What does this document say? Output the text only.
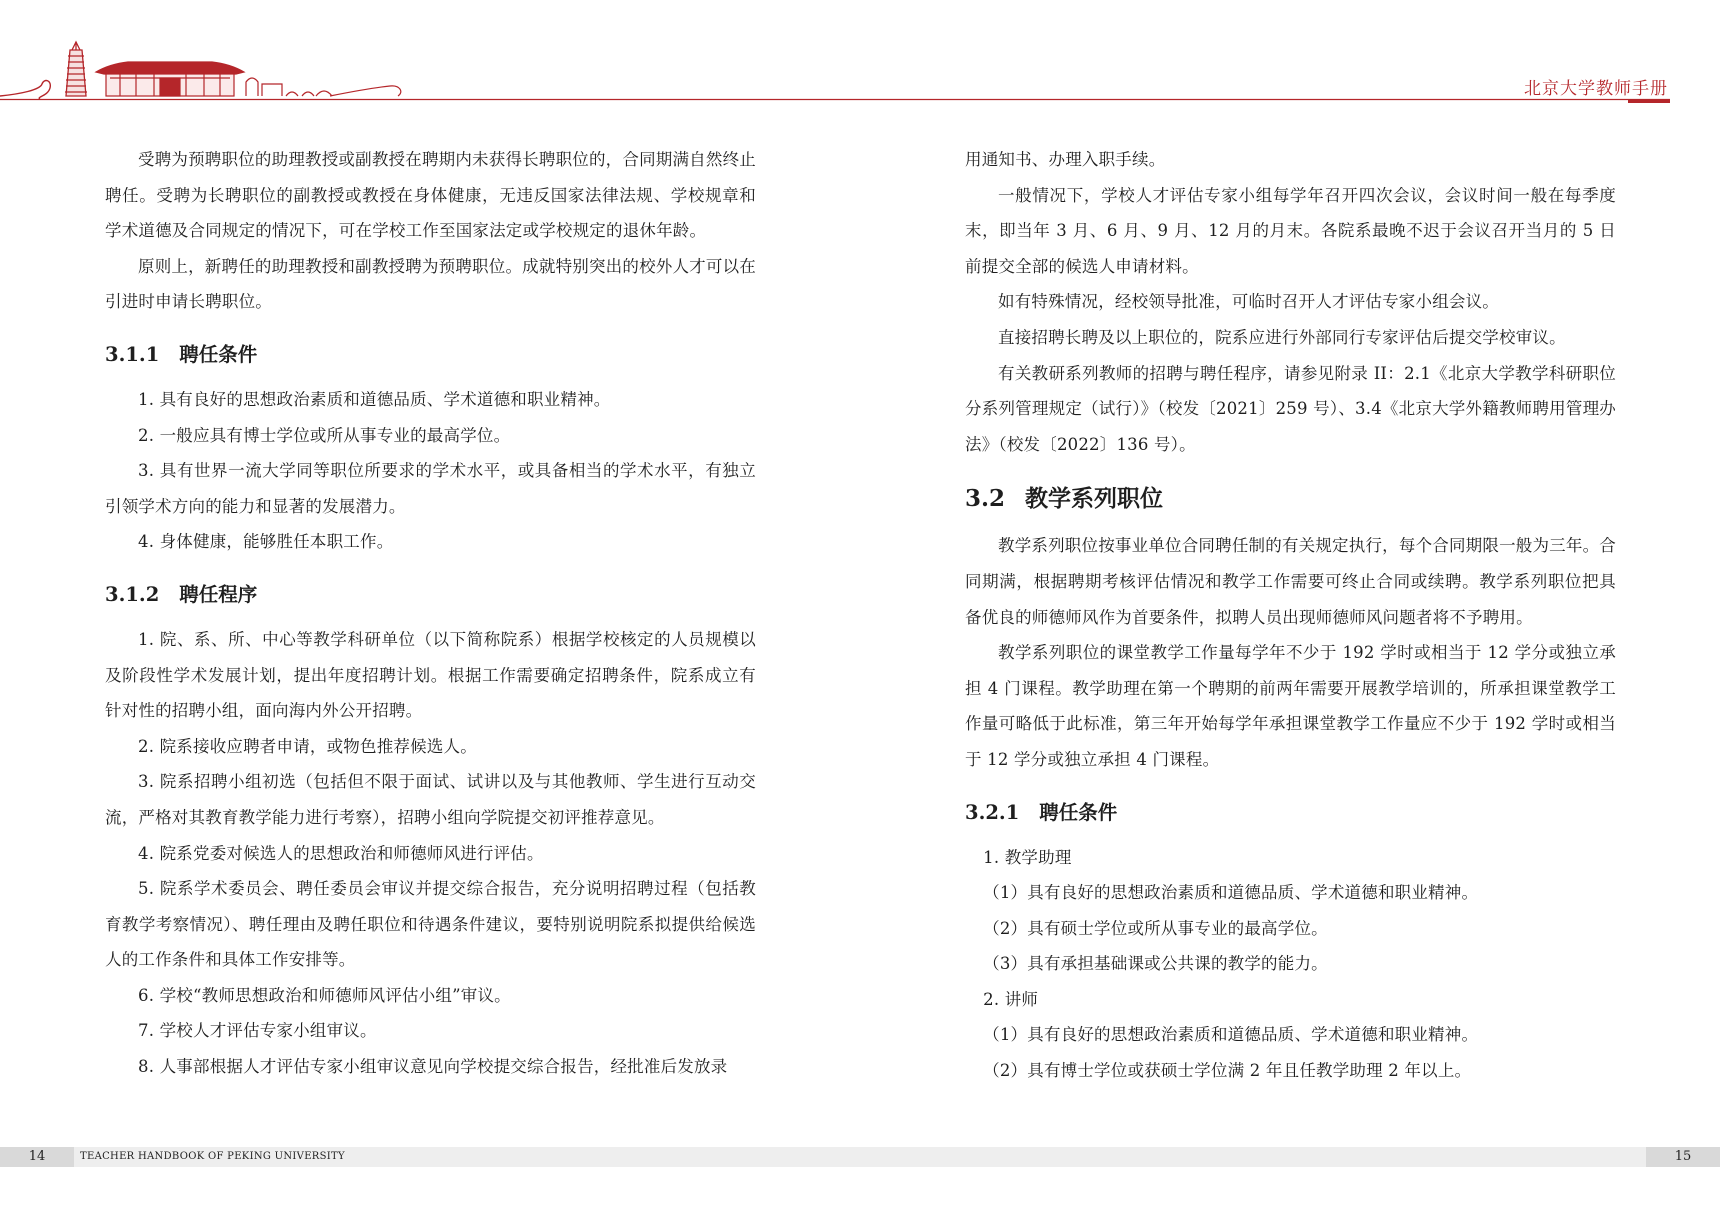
北京大学教师手册

受聘为预聘职位的助理教授或副教授在聘期内未获得长聘职位的，合同期满自然终止聘任。受聘为长聘职位的副教授或教授在身体健康，无违反国家法律法规、学校规章和学术道德及合同规定的情况下，可在学校工作至国家法定或学校规定的退休年龄。

原则上，新聘任的助理教授和副教授聘为预聘职位。成就特别突出的校外人才可以在引进时申请长聘职位。

3.1.1 聘任条件

1. 具有良好的思想政治素质和道德品质、学术道德和职业精神。

2. 一般应具有博士学位或所从事专业的最高学位。

3. 具有世界一流大学同等职位所要求的学术水平，或具备相当的学术水平，有独立引领学术方向的能力和显著的发展潜力。

4. 身体健康，能够胜任本职工作。

3.1.2 聘任程序

1. 院、系、所、中心等教学科研单位（以下简称院系）根据学校核定的人员规模以及阶段性学术发展计划，提出年度招聘计划。根据工作需要确定招聘条件，院系成立有针对性的招聘小组，面向海内外公开招聘。

2. 院系接收应聘者申请，或物色推荐候选人。

3. 院系招聘小组初选（包括但不限于面试、试讲以及与其他教师、学生进行互动交流，严格对其教育教学能力进行考察），招聘小组向学院提交初评推荐意见。

4. 院系党委对候选人的思想政治和师德师风进行评估。

5. 院系学术委员会、聘任委员会审议并提交综合报告，充分说明招聘过程（包括教育教学考察情况）、聘任理由及聘任职位和待遇条件建议，要特别说明院系拟提供给候选人的工作条件和具体工作安排等。

6. 学校“教师思想政治和师德师风评估小组”审议。

7. 学校人才评估专家小组审议。

8. 人事部根据人才评估专家小组审议意见向学校提交综合报告，经批准后发放录

用通知书、办理入职手续。

一般情况下，学校人才评估专家小组每学年召开四次会议，会议时间一般在每季度末，即当年 3 月、6 月、9 月、12 月的月末。各院系最晚不迟于会议召开当月的 5 日前提交全部的候选人申请材料。

如有特殊情况，经校领导批准，可临时召开人才评估专家小组会议。

直接招聘长聘及以上职位的，院系应进行外部同行专家评估后提交学校审议。

有关教研系列教师的招聘与聘任程序，请参见附录 II：2.1《北京大学教学科研职位分系列管理规定（试行）》（校发〔2021〕259 号）、3.4《北京大学外籍教师聘用管理办法》（校发〔2022〕136 号）。

3.2 教学系列职位

教学系列职位按事业单位合同聘任制的有关规定执行，每个合同期限一般为三年。合同期满，根据聘期考核评估情况和教学工作需要可终止合同或续聘。教学系列职位把具备优良的师德师风作为首要条件，拟聘人员出现师德师风问题者将不予聘用。

教学系列职位的课堂教学工作量每学年不少于 192 学时或相当于 12 学分或独立承担 4 门课程。教学助理在第一个聘期的前两年需要开展教学培训的，所承担课堂教学工作量可略低于此标准，第三年开始每学年承担课堂教学工作量应不少于 192 学时或相当于 12 学分或独立承担 4 门课程。

3.2.1 聘任条件

1. 教学助理

（1）具有良好的思想政治素质和道德品质、学术道德和职业精神。

（2）具有硕士学位或所从事专业的最高学位。

（3）具有承担基础课或公共课的教学的能力。

2. 讲师

（1）具有良好的思想政治素质和道德品质、学术道德和职业精神。

（2）具有博士学位或获硕士学位满 2 年且任教学助理 2 年以上。

14	TEACHER HANDBOOK OF PEKING UNIVERSITY	15
